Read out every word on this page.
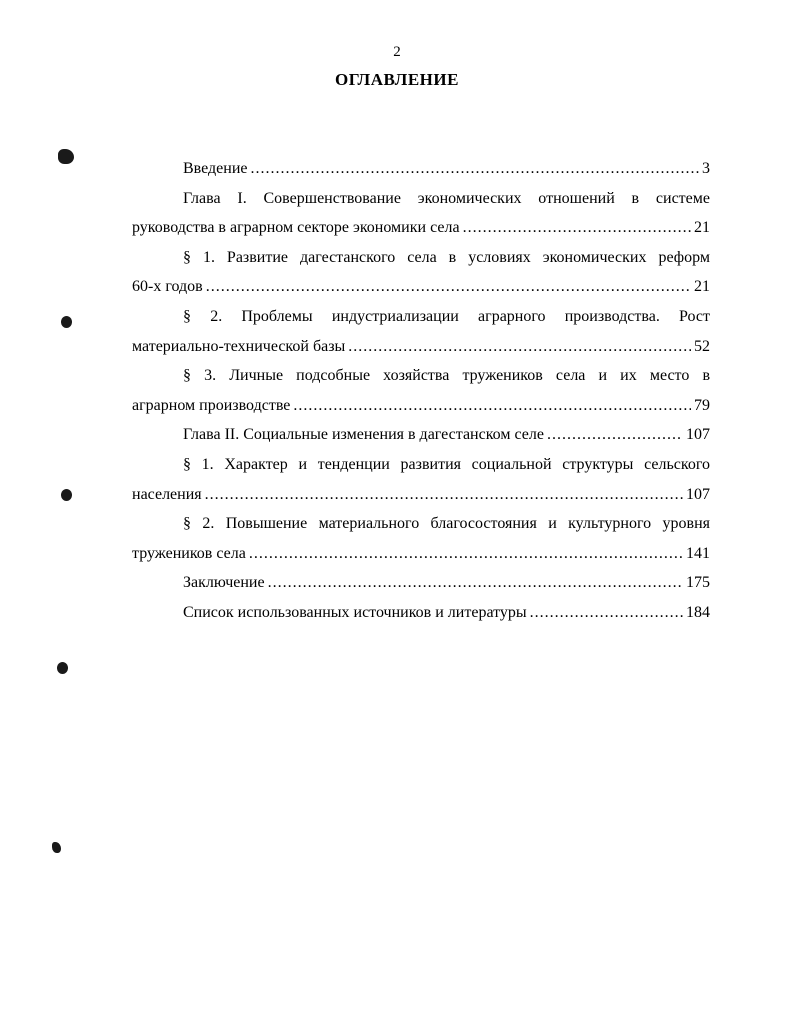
2
ОГЛАВЛЕНИЕ
Введение .....	3
Глава I. Совершенствование экономических отношений в системе
руководства в аграрном секторе экономики села .....	21
§ 1. Развитие дагестанского села в условиях экономических реформ
60-х годов .....	21
§ 2. Проблемы индустриализации аграрного производства. Рост
материально-технической базы .....	52
§ 3. Личные подсобные хозяйства тружеников села и их место в
аграрном производстве .....	79
Глава II. Социальные изменения в дагестанском селе .....	107
§ 1. Характер и тенденции развития социальной структуры сельского
населения .....	107
§ 2. Повышение материального благосостояния и культурного уровня
тружеников села .....	141
Заключение .....	175
Список использованных источников и литературы .....	184
